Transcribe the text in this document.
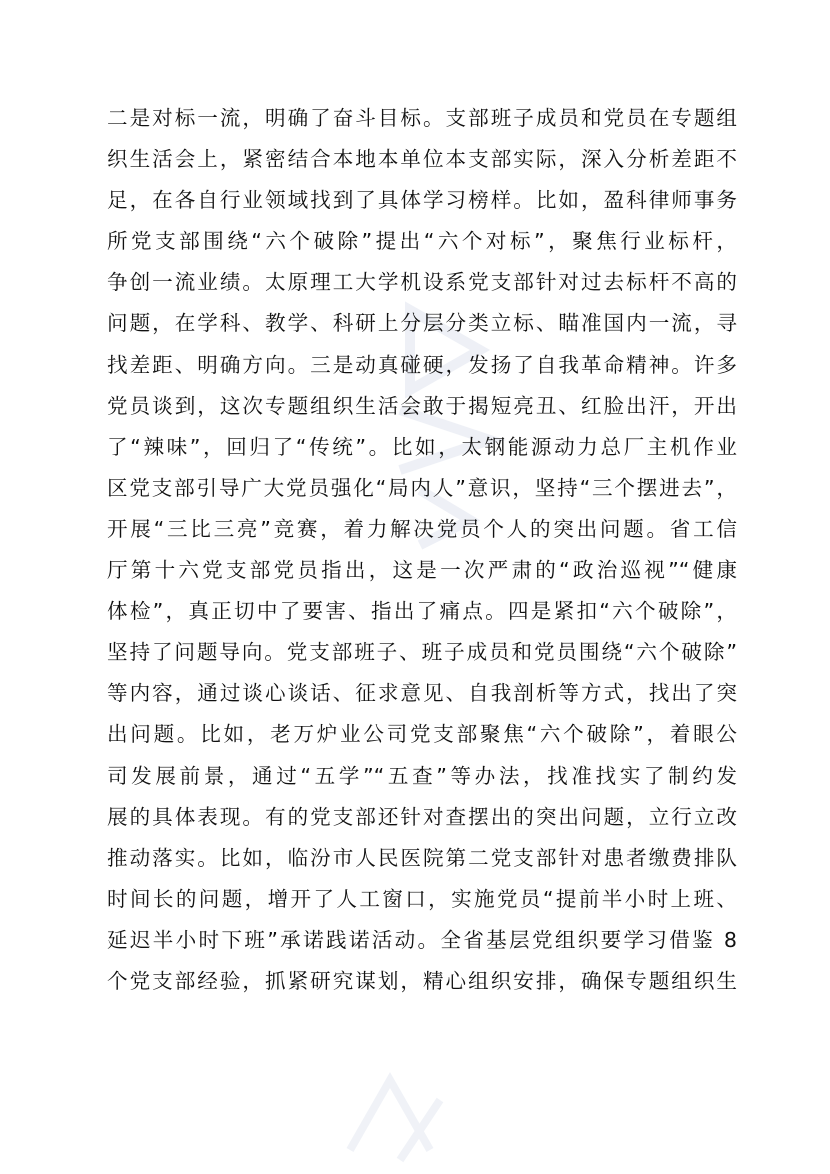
二是对标一流，明确了奋斗目标。支部班子成员和党员在专题组
织生活会上，紧密结合本地本单位本支部实际，深入分析差距不
足，在各自行业领域找到了具体学习榜样。比如，盈科律师事务
所党支部围绕“六个破除”提出“六个对标”，聚焦行业标杆，
争创一流业绩。太原理工大学机设系党支部针对过去标杆不高的
问题，在学科、教学、科研上分层分类立标、瞄准国内一流，寻
找差距、明确方向。三是动真碰硬，发扬了自我革命精神。许多
党员谈到，这次专题组织生活会敢于揭短亮丑、红脸出汗，开出
了“辣味”，回归了“传统”。比如，太钢能源动力总厂主机作业
区党支部引导广大党员强化“局内人”意识，坚持“三个摆进去”，
开展“三比三亮”竞赛，着力解决党员个人的突出问题。省工信
厅第十六党支部党员指出，这是一次严肃的“政治巡视”“健康
体检”，真正切中了要害、指出了痛点。四是紧扣“六个破除”，
坚持了问题导向。党支部班子、班子成员和党员围绕“六个破除”
等内容，通过谈心谈话、征求意见、自我剖析等方式，找出了突
出问题。比如，老万炉业公司党支部聚焦“六个破除”，着眼公
司发展前景，通过“五学”“五查”等办法，找准找实了制约发
展的具体表现。有的党支部还针对查摆出的突出问题，立行立改
推动落实。比如，临汾市人民医院第二党支部针对患者缴费排队
时间长的问题，增开了人工窗口，实施党员“提前半小时上班、
延迟半小时下班”承诺践诺活动。全省基层党组织要学习借鉴 8
个党支部经验，抓紧研究谋划，精心组织安排，确保专题组织生
